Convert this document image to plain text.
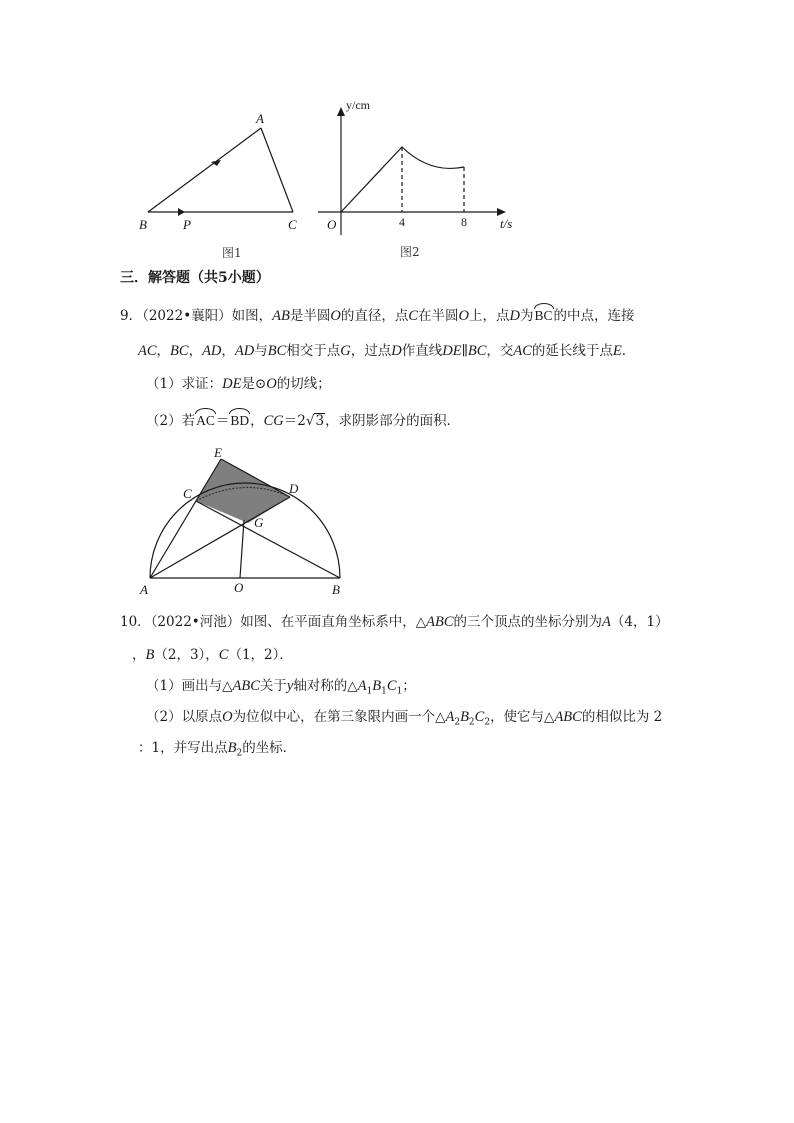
A
B	C
P
图1
y/cm
t/s
O	4	8
图2
三．解答题（共5小题）
9．（2022•襄阳）如图，AB是半圆O的直径，点C在半圆O上，点D为BC的中点，连接
AC，BC，AD，AD与BC相交于点G，过点D作直线DE∥BC，交AC的延长线于点E．
（1）求证：DE是⊙O的切线；
（2）若AC＝BD，CG＝2√3，求阴影部分的面积．
E
C	D
G
A	O	B
10．（2022•河池）如图、在平面直角坐标系中，△ABC的三个顶点的坐标分别为A（4，1）
，B（2，3），C（1，2）．
（1）画出与△ABC关于y轴对称的$\triangle A_1B_1C_1$；
（2）以原点O为位似中心，在第三象限内画一个$\triangle A_2B_2C_2$，使它与△ABC的相似比为 2
：1，并写出点$B_2$的坐标．
